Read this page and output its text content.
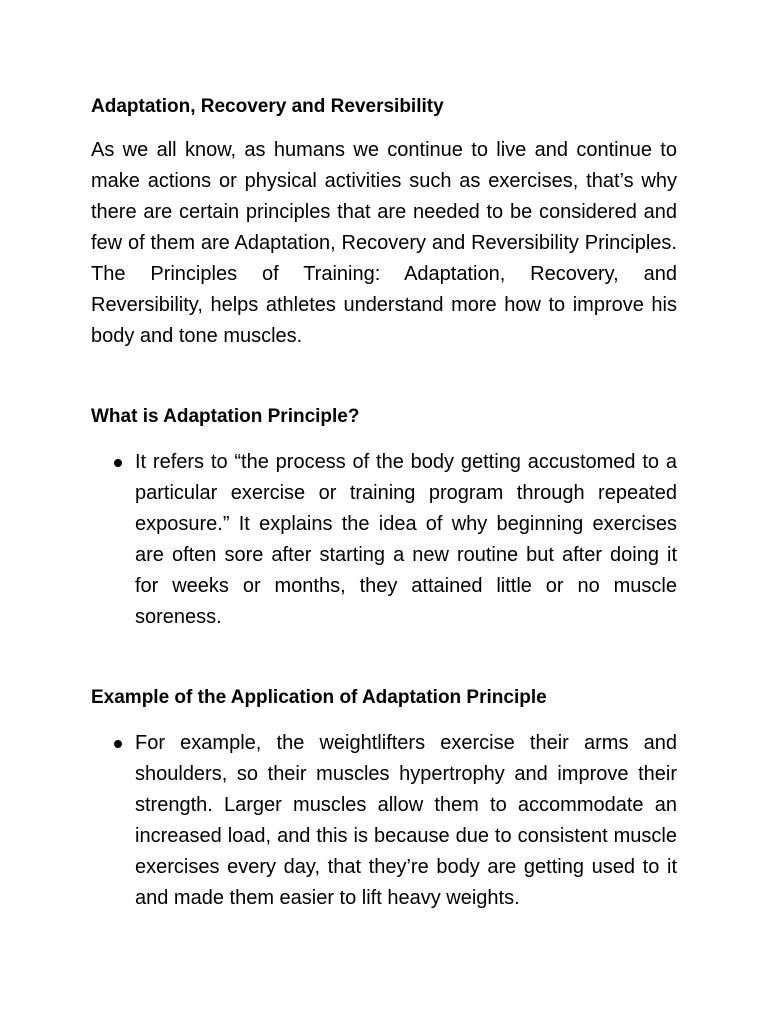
Adaptation, Recovery and Reversibility

As we all know, as humans we continue to live and continue to make actions or physical activities such as exercises, that’s why there are certain principles that are needed to be considered and few of them are Adaptation, Recovery and Reversibility Principles. The Principles of Training: Adaptation, Recovery, and Reversibility, helps athletes understand more how to improve his body and tone muscles.

What is Adaptation Principle?
It refers to “the process of the body getting accustomed to a particular exercise or training program through repeated exposure.” It explains the idea of why beginning exercises are often sore after starting a new routine but after doing it for weeks or months, they attained little or no muscle soreness.
Example of the Application of Adaptation Principle
For example, the weightlifters exercise their arms and shoulders, so their muscles hypertrophy and improve their strength. Larger muscles allow them to accommodate an increased load, and this is because due to consistent muscle exercises every day, that they’re body are getting used to it and made them easier to lift heavy weights.
